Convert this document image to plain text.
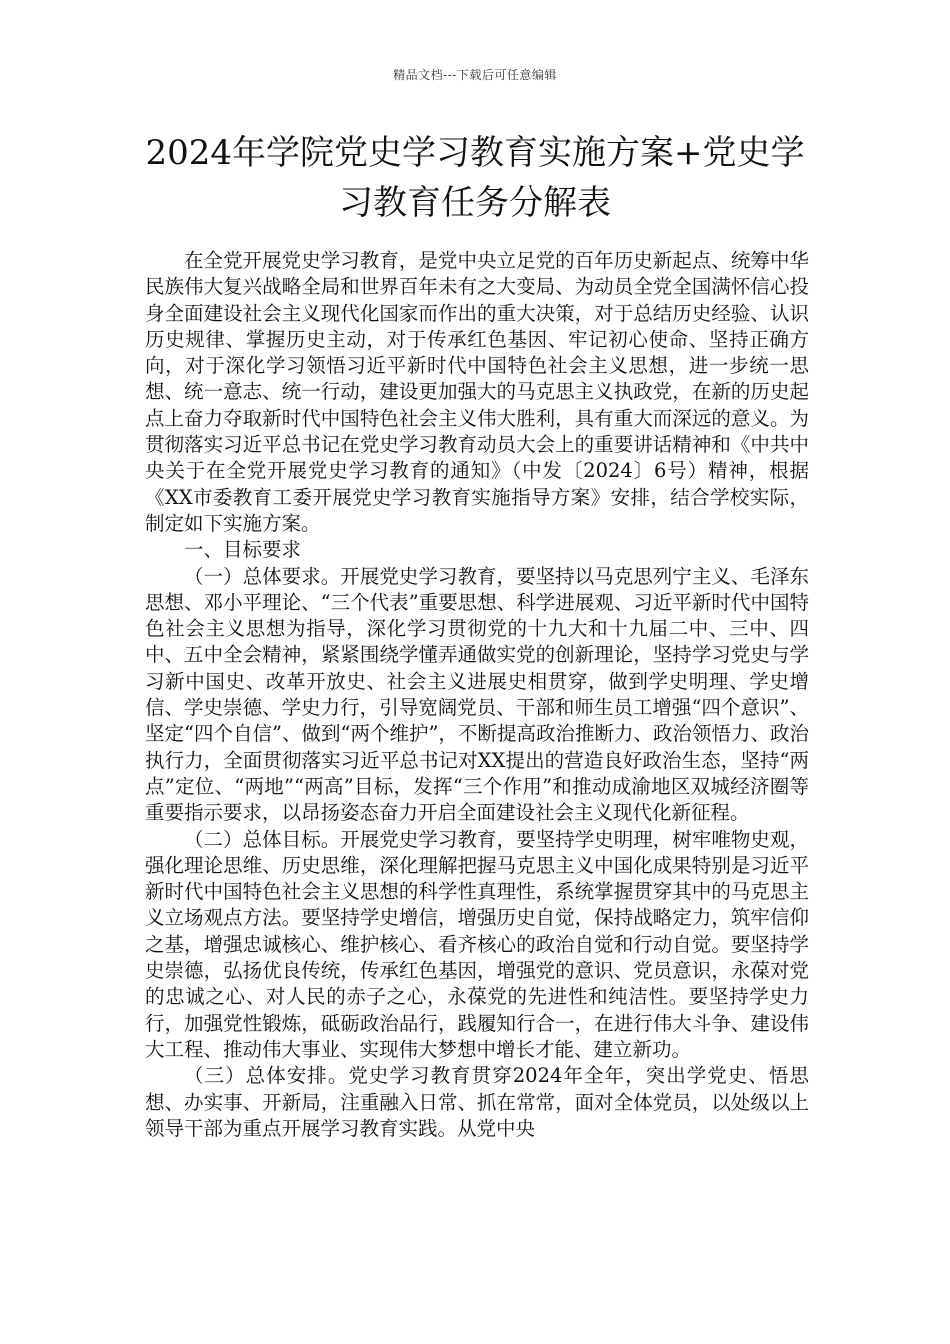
精品文档---下载后可任意编辑
2024年学院党史学习教育实施方案+党史学习教育任务分解表

在全党开展党史学习教育，是党中央立足党的百年历史新起点、统筹中华民族伟大复兴战略全局和世界百年未有之大变局、为动员全党全国满怀信心投身全面建设社会主义现代化国家而作出的重大决策，对于总结历史经验、认识历史规律、掌握历史主动，对于传承红色基因、牢记初心使命、坚持正确方向，对于深化学习领悟习近平新时代中国特色社会主义思想，进一步统一思想、统一意志、统一行动，建设更加强大的马克思主义执政党，在新的历史起点上奋力夺取新时代中国特色社会主义伟大胜利，具有重大而深远的意义。为贯彻落实习近平总书记在党史学习教育动员大会上的重要讲话精神和《中共中央关于在全党开展党史学习教育的通知》（中发〔2024〕6号）精神，根据《XX市委教育工委开展党史学习教育实施指导方案》安排，结合学校实际，制定如下实施方案。

一、目标要求

（一）总体要求。开展党史学习教育，要坚持以马克思列宁主义、毛泽东思想、邓小平理论、“三个代表”重要思想、科学进展观、习近平新时代中国特色社会主义思想为指导，深化学习贯彻党的十九大和十九届二中、三中、四中、五中全会精神，紧紧围绕学懂弄通做实党的创新理论，坚持学习党史与学习新中国史、改革开放史、社会主义进展史相贯穿，做到学史明理、学史增信、学史崇德、学史力行，引导宽阔党员、干部和师生员工增强“四个意识”、坚定“四个自信”、做到“两个维护”，不断提高政治推断力、政治领悟力、政治执行力，全面贯彻落实习近平总书记对XX提出的营造良好政治生态，坚持“两点”定位、“两地”“两高”目标，发挥“三个作用”和推动成渝地区双城经济圈等重要指示要求，以昂扬姿态奋力开启全面建设社会主义现代化新征程。

（二）总体目标。开展党史学习教育，要坚持学史明理，树牢唯物史观，强化理论思维、历史思维，深化理解把握马克思主义中国化成果特别是习近平新时代中国特色社会主义思想的科学性真理性，系统掌握贯穿其中的马克思主义立场观点方法。要坚持学史增信，增强历史自觉，保持战略定力，筑牢信仰之基，增强忠诚核心、维护核心、看齐核心的政治自觉和行动自觉。要坚持学史崇德，弘扬优良传统，传承红色基因，增强党的意识、党员意识，永葆对党的忠诚之心、对人民的赤子之心，永葆党的先进性和纯洁性。要坚持学史力行，加强党性锻炼，砥砺政治品行，践履知行合一，在进行伟大斗争、建设伟大工程、推动伟大事业、实现伟大梦想中增长才能、建立新功。

（三）总体安排。党史学习教育贯穿2024年全年，突出学党史、悟思想、办实事、开新局，注重融入日常、抓在常常，面对全体党员，以处级以上领导干部为重点开展学习教育实践。从党中央
